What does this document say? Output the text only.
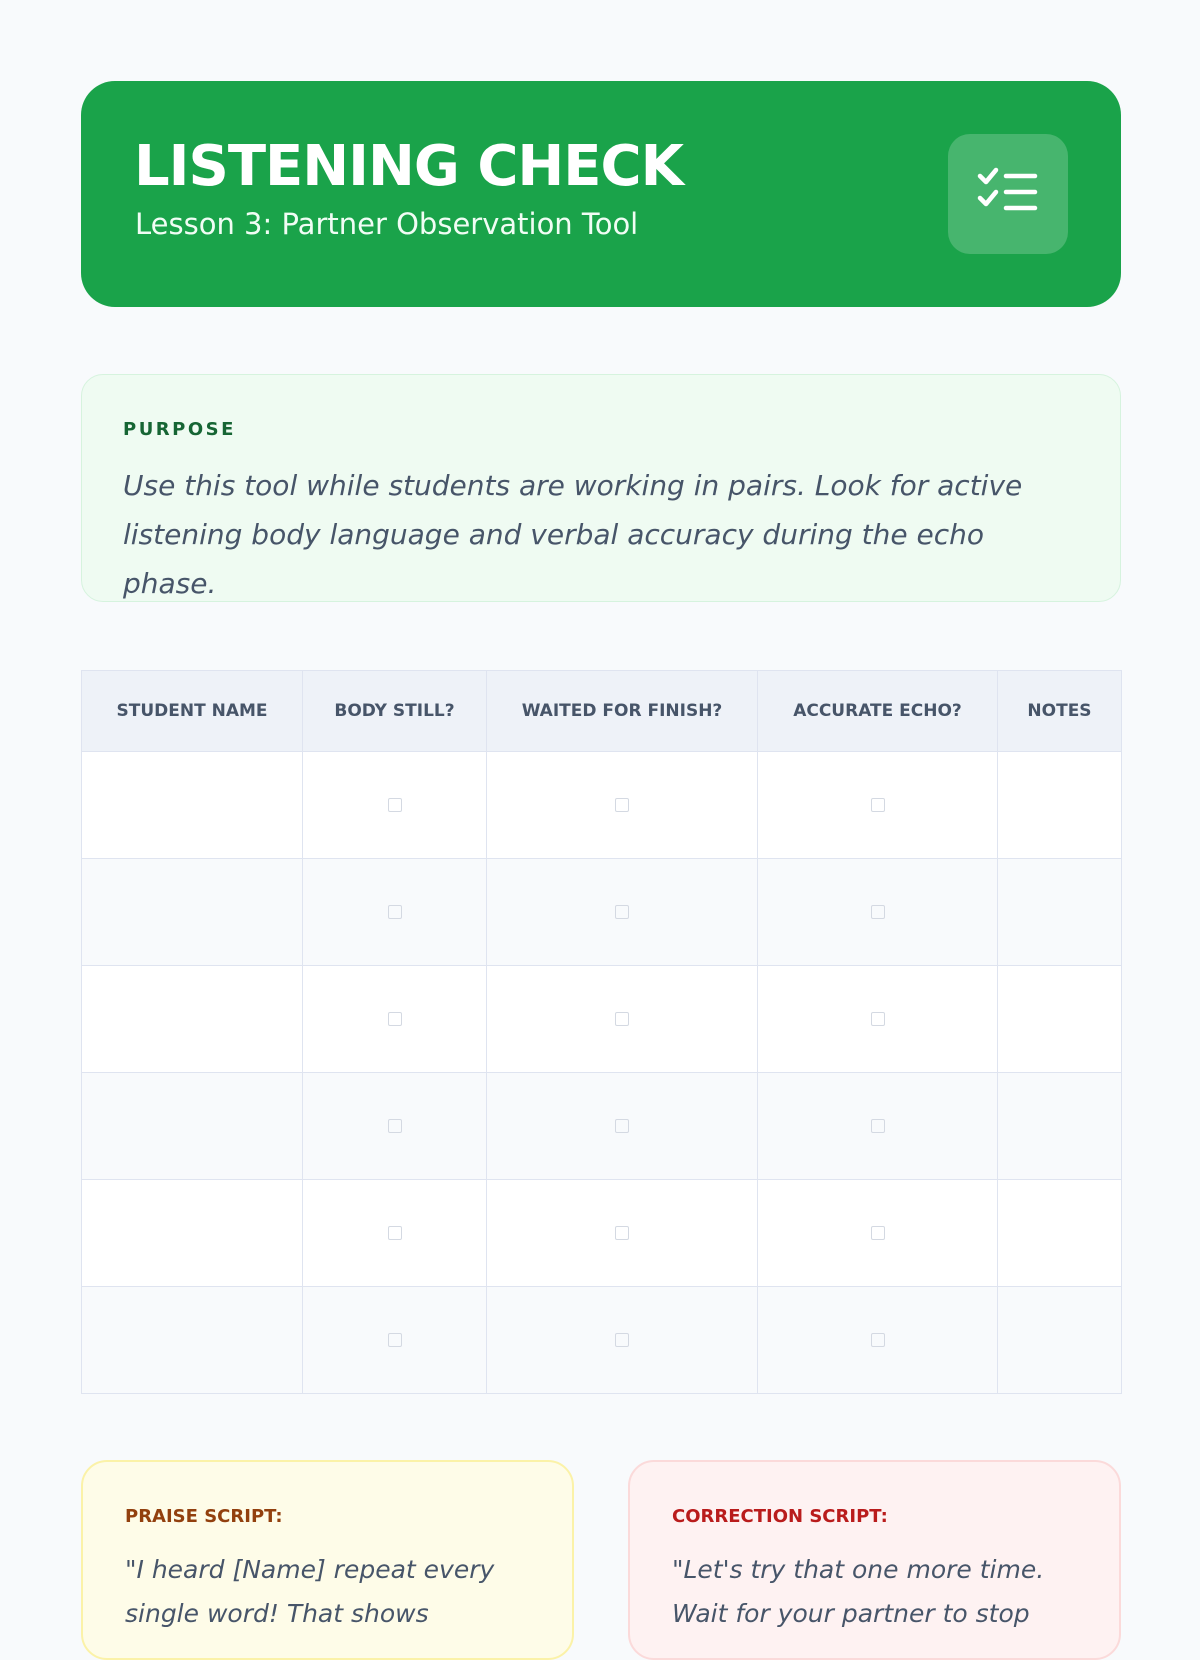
LISTENING CHECK
Lesson 3: Partner Observation Tool
PURPOSE
Use this tool while students are working in pairs. Look for active listening body language and verbal accuracy during the echo phase.
STUDENT NAME	BODY STILL?	WAITED FOR FINISH?	ACCURATE ECHO?	NOTES

PRAISE SCRIPT:
"I heard [Name] repeat every single word! That shows
CORRECTION SCRIPT:
"Let's try that one more time. Wait for your partner to stop
